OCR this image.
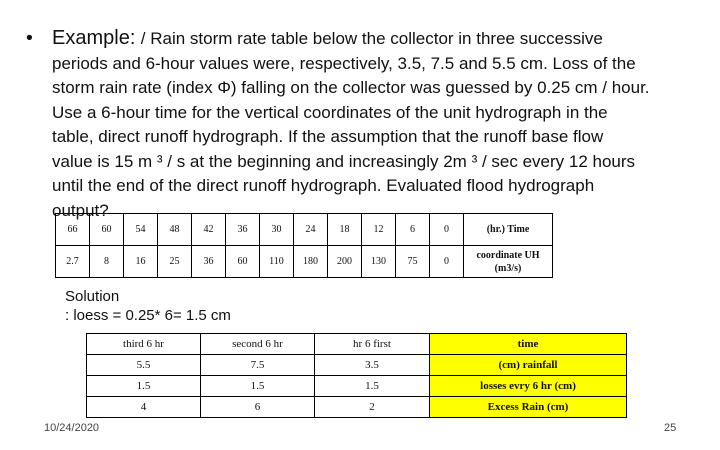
• Example: / Rain storm rate table below the collector in three successive
periods and 6-hour values were, respectively, 3.5, 7.5 and 5.5 cm. Loss of the
storm rain rate (index Φ) falling on the collector was guessed by 0.25 cm / hour.
Use a 6-hour time for the vertical coordinates of the unit hydrograph in the
table, direct runoff hydrograph. If the assumption that the runoff base flow
value is 15 m ³ / s at the beginning and increasingly 2m ³ / sec every 12 hours
until the end of the direct runoff hydrograph. Evaluated flood hydrograph
output?
66	60	54	48	42	36	30	24	18	12	6	0	(hr.) Time
2.7	8	16	25	36	60	110	180	200	130	75	0	coordinate UH
(m3/s)
Solution
: loess = 0.25* 6= 1.5 cm
third 6 hr	second 6 hr	hr 6 first	time
5.5	7.5	3.5	(cm) rainfall
1.5	1.5	1.5	losses evry 6 hr (cm)
4	6	2	Excess Rain (cm)
10/24/2020	25
